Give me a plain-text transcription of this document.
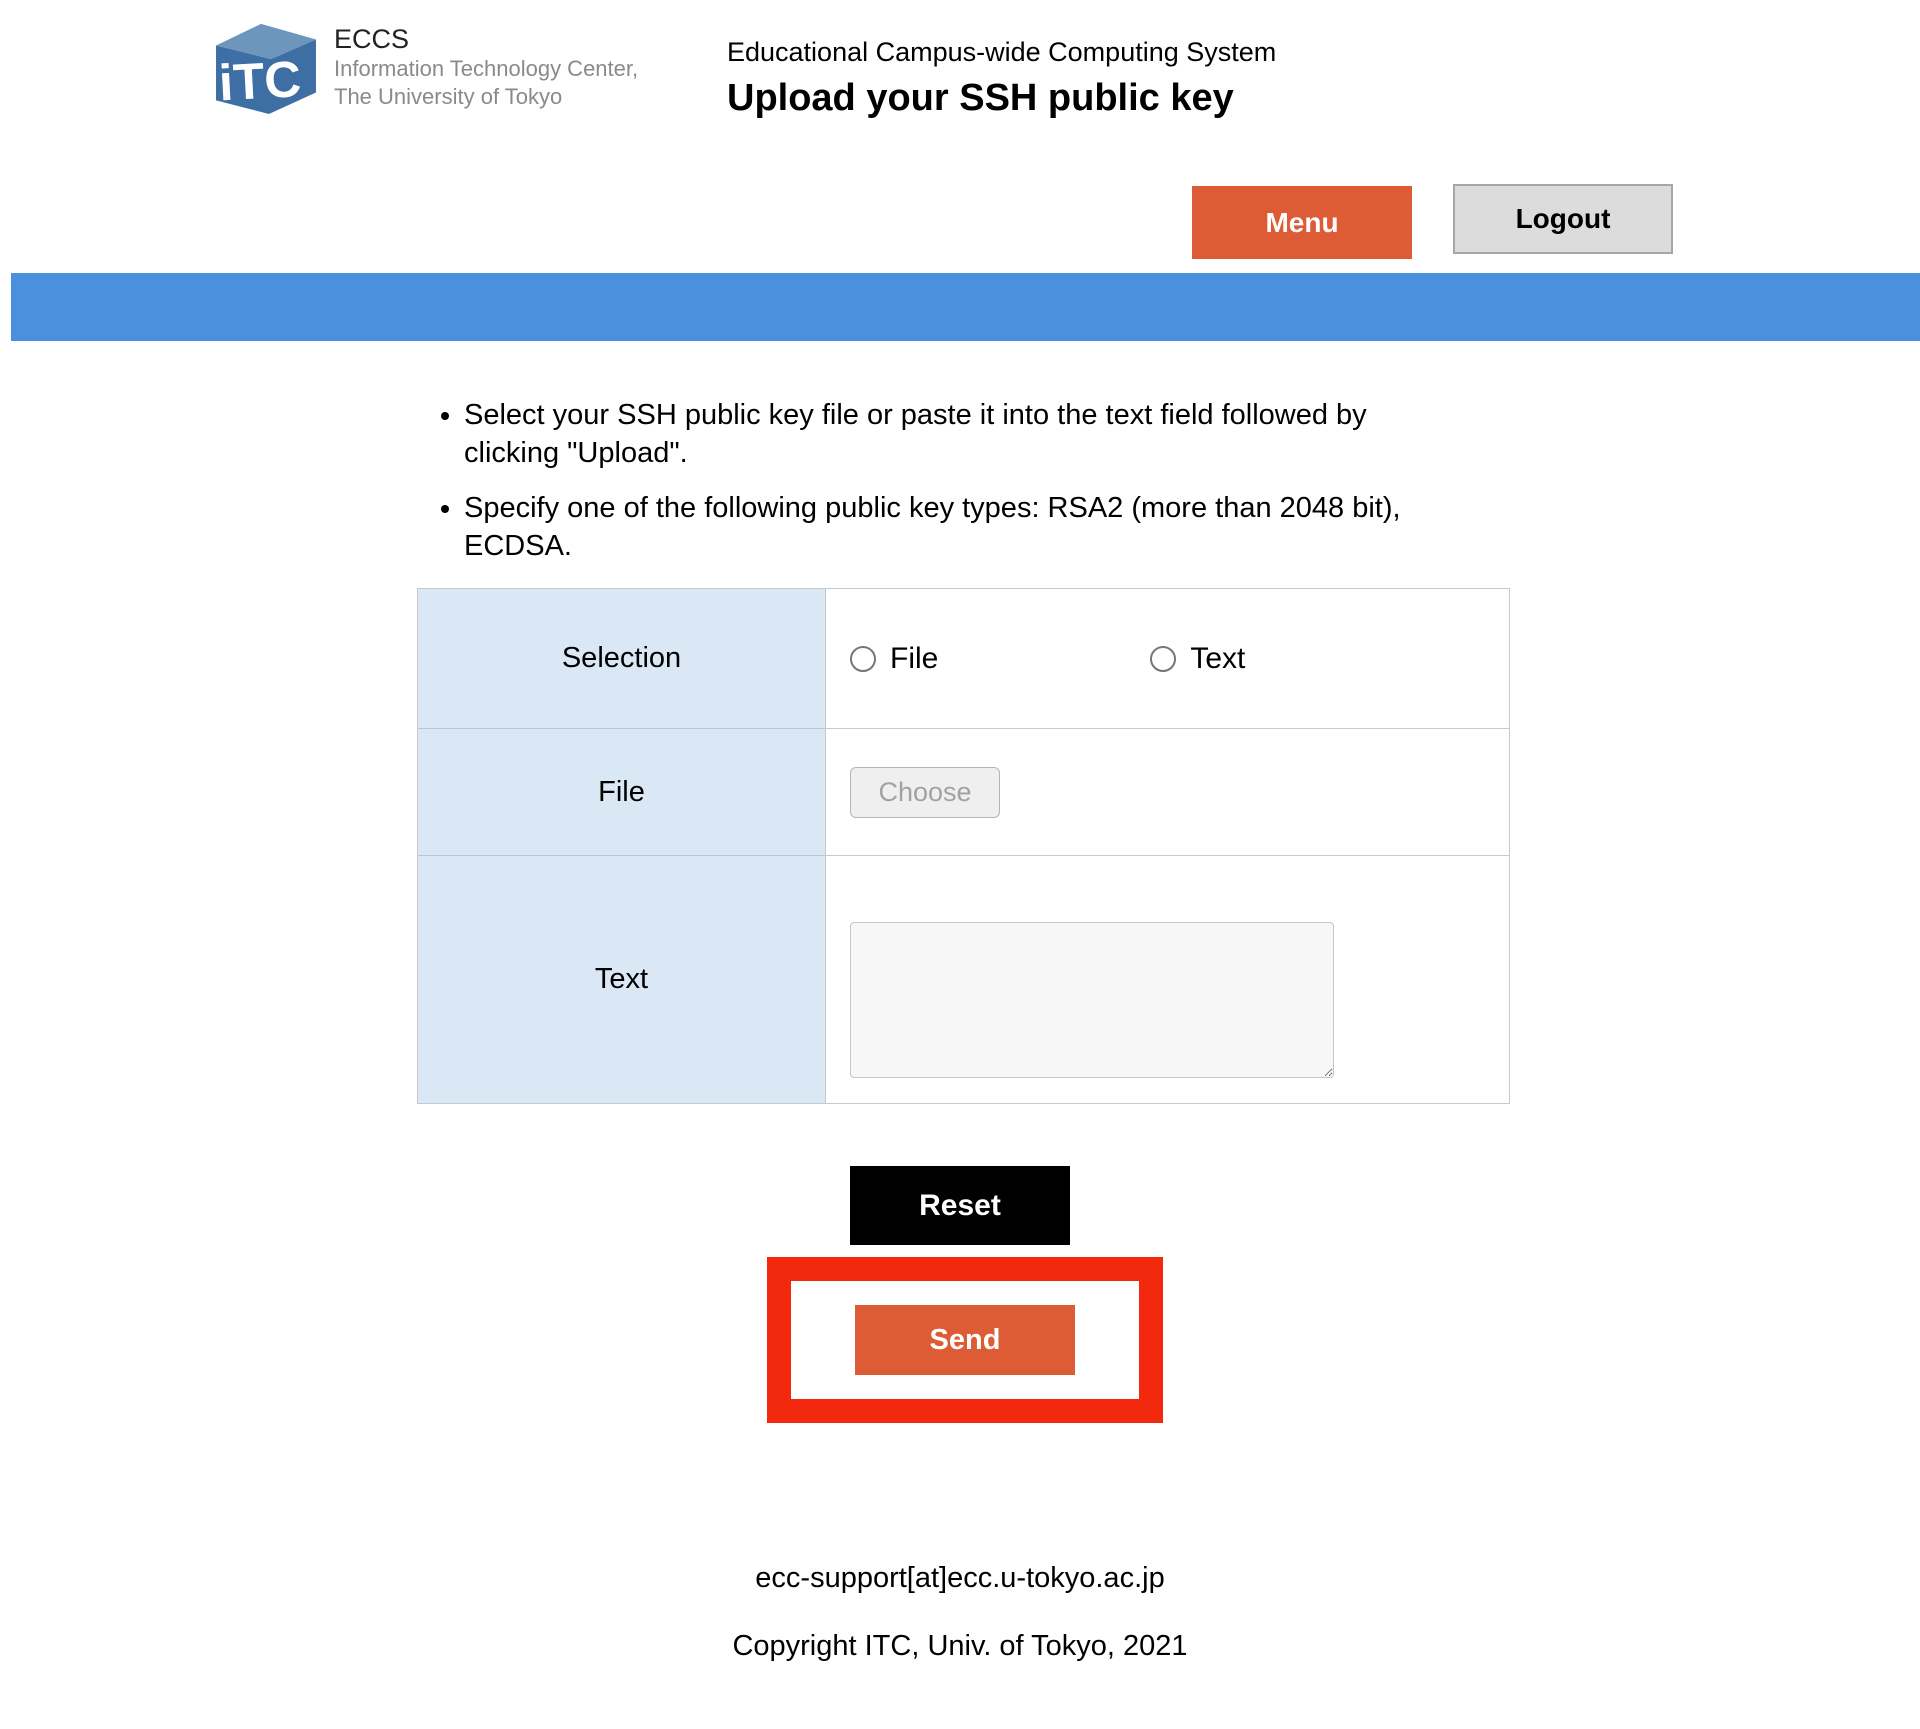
iTC
ECCS
Information Technology Center,
The University of Tokyo
Educational Campus-wide Computing System
Upload your SSH public key
Menu	Logout
• Select your SSH public key file or paste it into the text field followed by clicking "Upload".
• Specify one of the following public key types: RSA2 (more than 2048 bit), ECDSA.
Selection	File	Text
File	Choose
Text
Reset
Send
ecc-support[at]ecc.u-tokyo.ac.jp
Copyright ITC, Univ. of Tokyo, 2021
